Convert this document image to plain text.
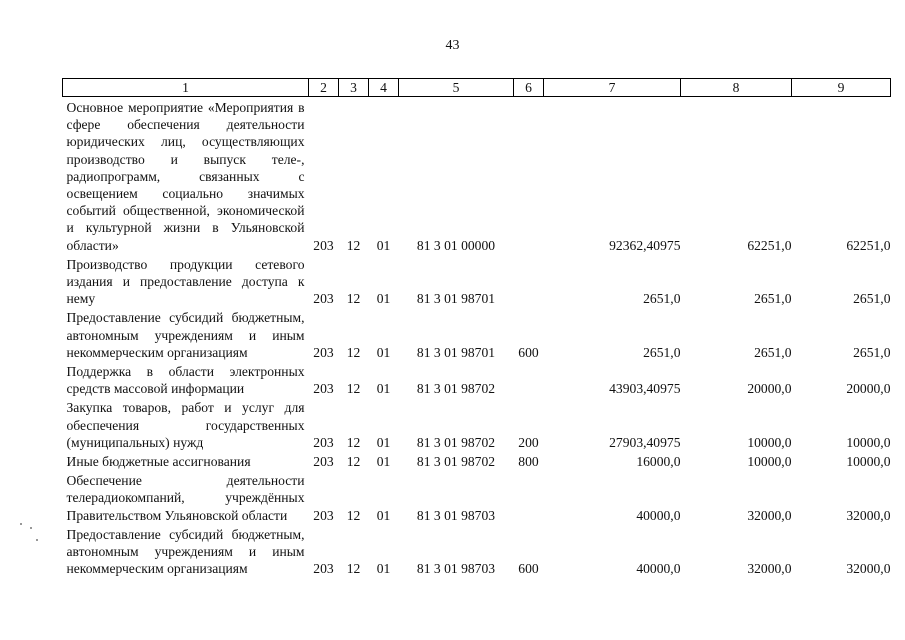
43
1	2	3	4	5	6	7	8	9
Основное мероприятие «Мероприятия в сфере обеспечения деятельности юридических лиц, осуществляющих производство и выпуск теле-, радиопрограмм, связанных с освещением социально значимых событий общественной, экономической и культурной жизни в Ульяновской области»	203	12	01	81 3 01 00000		92362,40975	62251,0	62251,0
Производство продукции сетевого издания и предоставление доступа к нему	203	12	01	81 3 01 98701		2651,0	2651,0	2651,0
Предоставление субсидий бюджетным, автономным учреждениям и иным некоммерческим организациям	203	12	01	81 3 01 98701	600	2651,0	2651,0	2651,0
Поддержка в области электронных средств массовой информации	203	12	01	81 3 01 98702		43903,40975	20000,0	20000,0
Закупка товаров, работ и услуг для обеспечения государственных (муниципальных) нужд	203	12	01	81 3 01 98702	200	27903,40975	10000,0	10000,0
Иные бюджетные ассигнования	203	12	01	81 3 01 98702	800	16000,0	10000,0	10000,0
Обеспечение деятельности телерадиокомпаний, учреждённых Правительством Ульяновской области	203	12	01	81 3 01 98703		40000,0	32000,0	32000,0
Предоставление субсидий бюджетным, автономным учреждениям и иным некоммерческим организациям	203	12	01	81 3 01 98703	600	40000,0	32000,0	32000,0
